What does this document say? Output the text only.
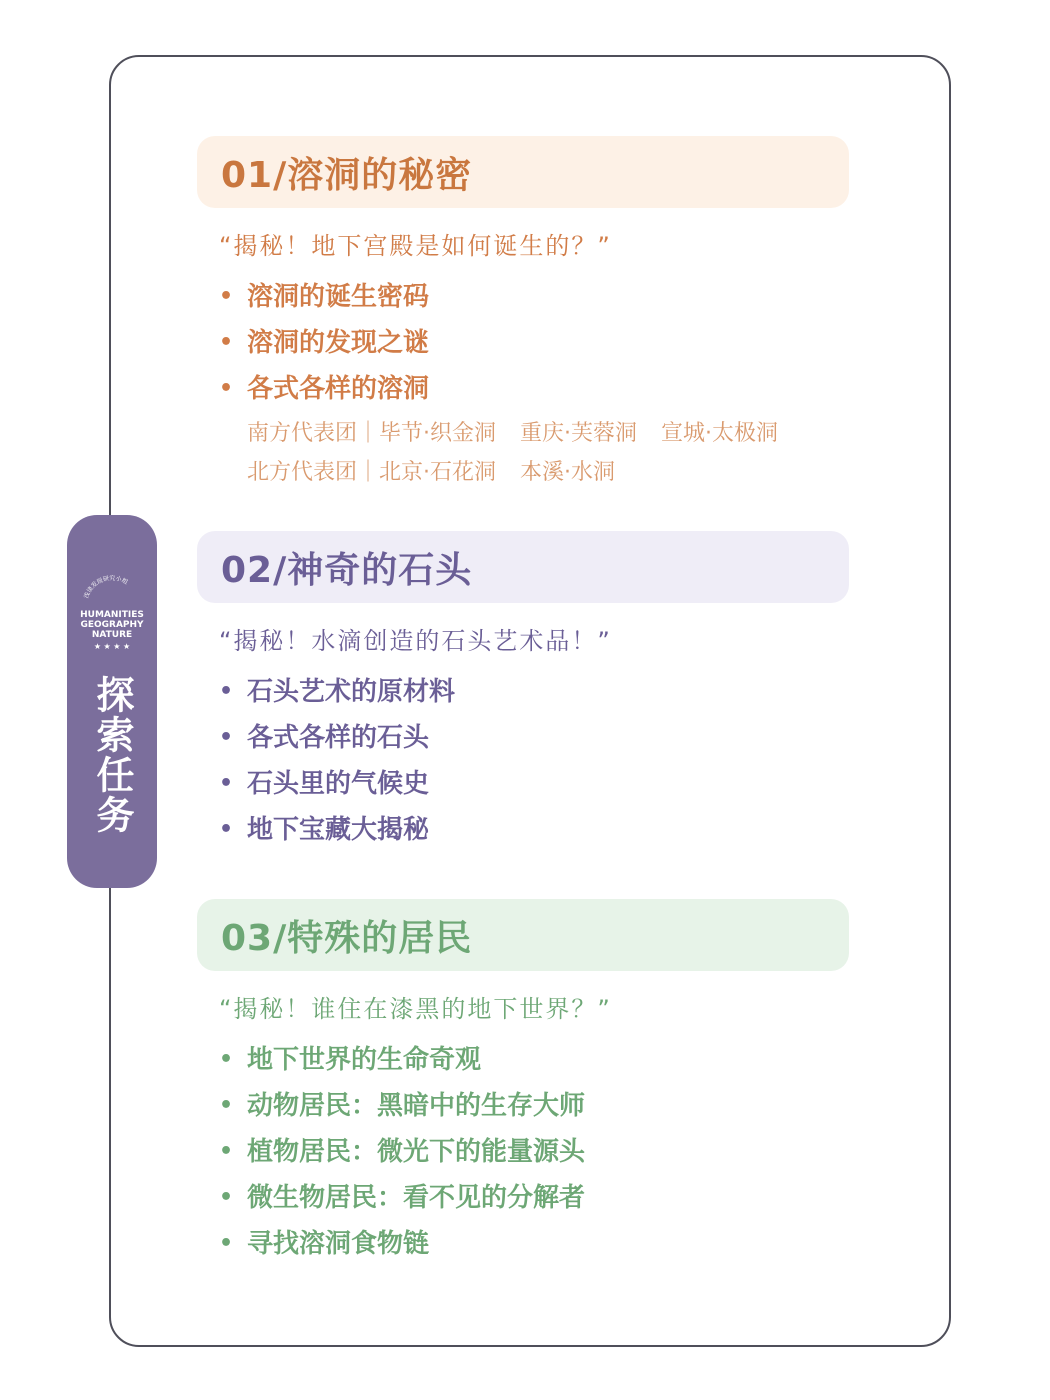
浅谈发现研究小组
HUMANITIES
GEOGRAPHY
NATURE
★ ★ ★ ★
探索任务
01/溶洞的秘密
“揭秘！地下宫殿是如何诞生的？”
• 溶洞的诞生密码
• 溶洞的发现之谜
• 各式各样的溶洞
南方代表团｜毕节·织金洞 重庆·芙蓉洞 宣城·太极洞
北方代表团｜北京·石花洞 本溪·水洞
02/神奇的石头
“揭秘！水滴创造的石头艺术品！”
• 石头艺术的原材料
• 各式各样的石头
• 石头里的气候史
• 地下宝藏大揭秘
03/特殊的居民
“揭秘！谁住在漆黑的地下世界？”
• 地下世界的生命奇观
• 动物居民：黑暗中的生存大师
• 植物居民：微光下的能量源头
• 微生物居民：看不见的分解者
• 寻找溶洞食物链
